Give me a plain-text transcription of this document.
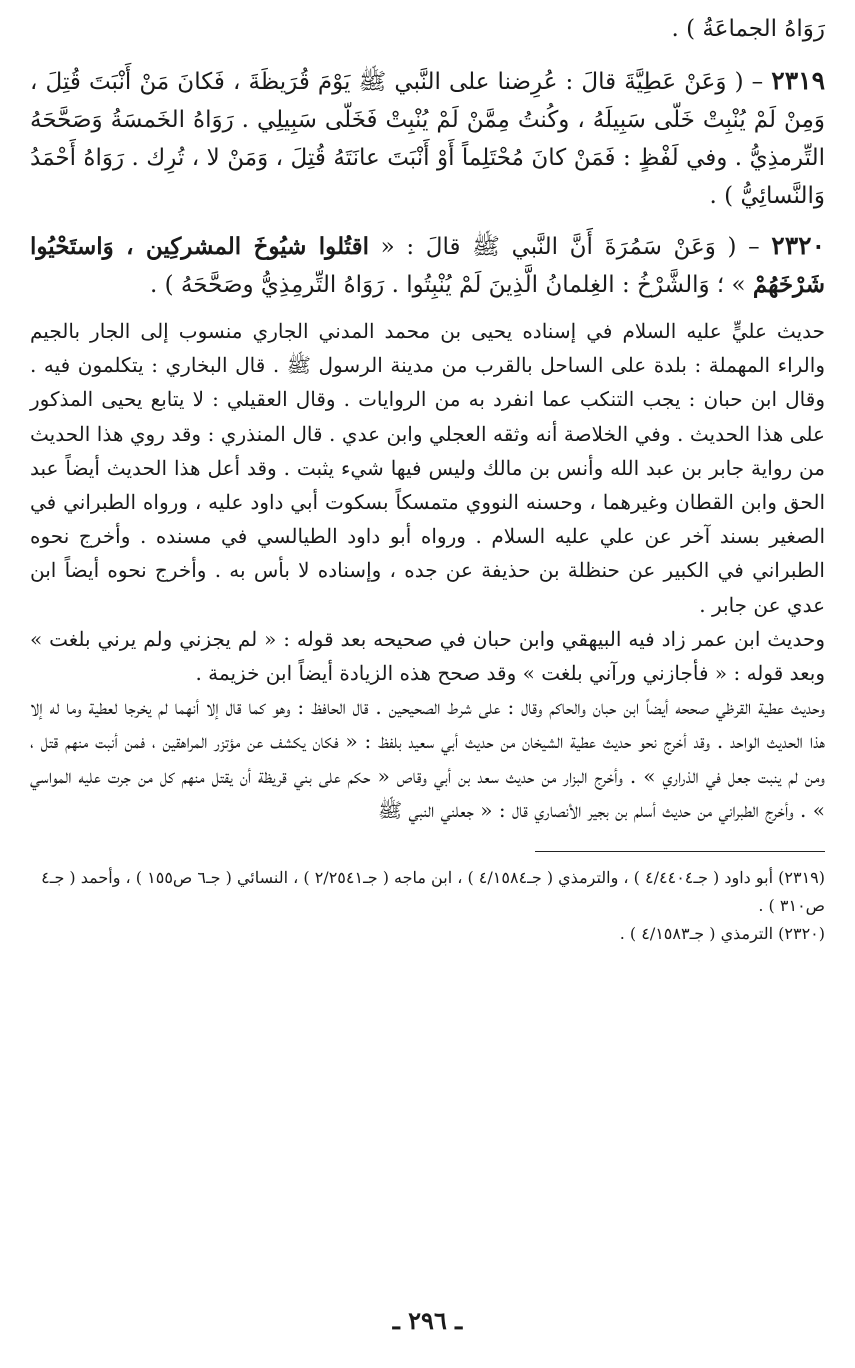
رَوَاهُ الجماعَةُ ) .

٢٣١٩ – ( وَعَنْ عَطِيَّةَ قالَ : عُرِضنا على النَّبي ﷺ يَوْمَ قُرَيظَةَ ، فَكانَ مَنْ أَنْبَتَ قُتِلَ ، وَمِنْ لَمْ يُنْبِتْ خَلّى سَبِيلَهُ ، وكُنتُ مِمَّنْ لَمْ يُنْبِتْ فَخَلّى سَبِيلِي . رَوَاهُ الخَمسَةُ وَصَحَّحَهُ التِّرمذِيُّ . وفي لَفْظٍ : فَمَنْ كانَ مُحْتَلِماً أَوْ أَنْبَتَ عانَتَهُ قُتِلَ ، وَمَنْ لا ، تُرِك . رَوَاهُ أَحْمَدُ وَالنَّسائِيُّ ) .

٢٣٢٠ – ( وَعَنْ سَمُرَةَ أَنَّ النَّبي ﷺ قالَ : « اقتُلوا شيُوخَ المشركِين ، وَاستَحْيُوا شَرْخَهُمْ » ؛ وَالشَّرْخُ : الغِلمانُ الَّذِينَ لَمْ يُنْبِتُوا . رَوَاهُ التِّرمِذِيُّ وصَحَّحَهُ ) .

حديث عليٍّ عليه السلام في إسناده يحيى بن محمد المدني الجاري منسوب إلى الجار بالجيم والراء المهملة : بلدة على الساحل بالقرب من مدينة الرسول ﷺ . قال البخاري : يتكلمون فيه . وقال ابن حبان : يجب التنكب عما انفرد به من الروايات . وقال العقيلي : لا يتابع يحيى المذكور على هذا الحديث . وفي الخلاصة أنه وثقه العجلي وابن عدي . قال المنذري : وقد روي هذا الحديث من رواية جابر بن عبد الله وأنس بن مالك وليس فيها شيء يثبت . وقد أعل هذا الحديث أيضاً عبد الحق وابن القطان وغيرهما ، وحسنه النووي متمسكاً بسكوت أبي داود عليه ، ورواه الطبراني في الصغير بسند آخر عن علي عليه السلام . ورواه أبو داود الطيالسي في مسنده . وأخرج نحوه الطبراني في الكبير عن حنظلة بن حذيفة عن جده ، وإسناده لا بأس به . وأخرج نحوه أيضاً ابن عدي عن جابر .

وحديث ابن عمر زاد فيه البيهقي وابن حبان في صحيحه بعد قوله : « لم يجزني ولم يرني بلغت » وبعد قوله : « فأجازني ورآني بلغت » وقد صحح هذه الزيادة أيضاً ابن خزيمة .

وحديث عطية القرظي صححه أيضاً ابن حبان والحاكم وقال : على شرط الصحيحين . قال الحافظ : وهو كما قال إلا أنهما لم يخرجا لعطية وما له إلا هذا الحديث الواحد . وقد أخرج نحو حديث عطية الشيخان من حديث أبي سعيد بلفظ : « فكان يكشف عن مؤتزر المراهقين ، فمن أنبت منهم قتل ، ومن لم ينبت جعل في الذراري » . وأخرج البزار من حديث سعد بن أبي وقاص « حكم على بني قريظة أن يقتل منهم كل من جرت عليه المواسي » . وأخرج الطبراني من حديث أسلم بن بجير الأنصاري قال : « جعلني النبي ﷺ

(٢٣١٩) أبو داود ( جـ٤/٤٤٠٤ ) ، والترمذي ( جـ٤/١٥٨٤ ) ، ابن ماجه ( جـ٢/٢٥٤١ ) ، النسائي ( جـ٦ ص١٥٥ ) ، وأحمد ( جـ٤ ص٣١٠ ) .

(٢٣٢٠) الترمذي ( جـ٤/١٥٨٣ ) .

ـ ٢٩٦ ـ
